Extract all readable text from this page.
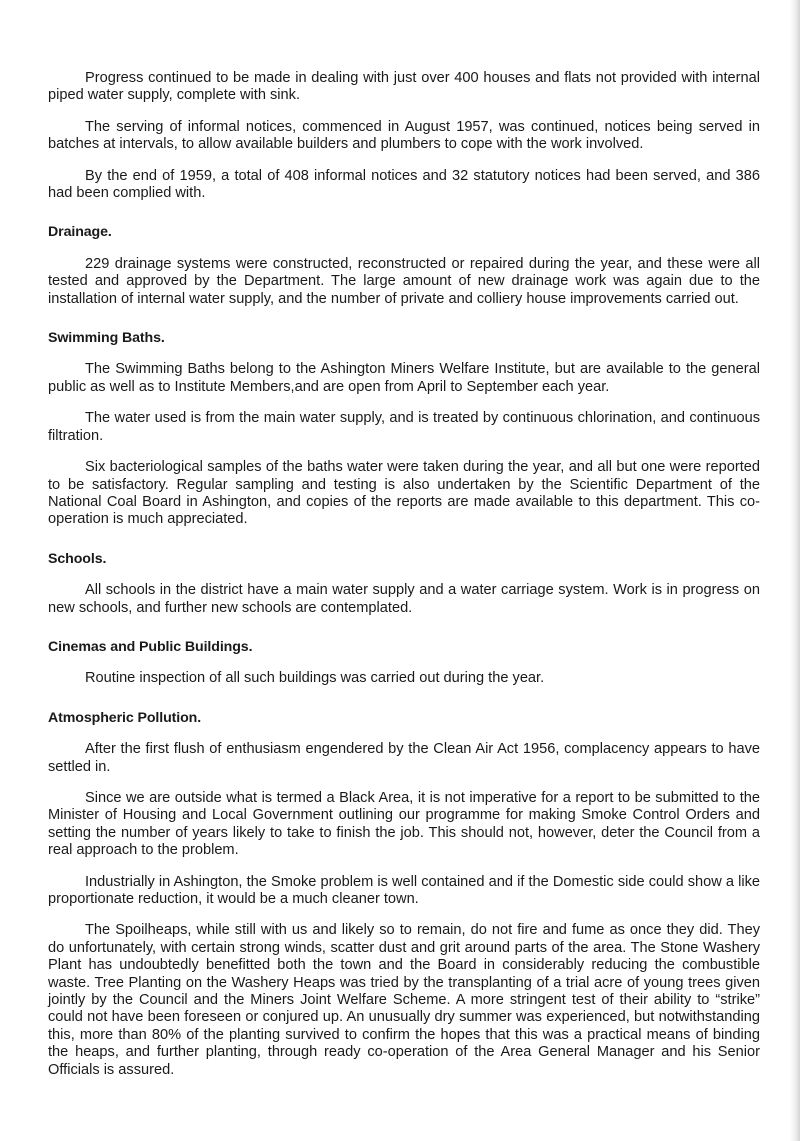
Progress continued to be made in dealing with just over 400 houses and flats not provided with internal piped water supply, complete with sink.

The serving of informal notices, commenced in August 1957, was continued, notices being served in batches at intervals, to allow available builders and plumbers to cope with the work involved.

By the end of 1959, a total of 408 informal notices and 32 statutory notices had been served, and 386 had been complied with.

Drainage.

229 drainage systems were constructed, reconstructed or repaired during the year, and these were all tested and approved by the Department. The large amount of new drainage work was again due to the installation of internal water supply, and the number of private and colliery house improvements carried out.

Swimming Baths.

The Swimming Baths belong to the Ashington Miners Welfare Institute, but are available to the general public as well as to Institute Members,and are open from April to September each year.

The water used is from the main water supply, and is treated by continuous chlorination, and continuous filtration.

Six bacteriological samples of the baths water were taken during the year, and all but one were reported to be satisfactory. Regular sampling and testing is also undertaken by the Scientific Department of the National Coal Board in Ashington, and copies of the reports are made available to this department. This co-operation is much appreciated.

Schools.

All schools in the district have a main water supply and a water carriage system. Work is in progress on new schools, and further new schools are contemplated.

Cinemas and Public Buildings.

Routine inspection of all such buildings was carried out during the year.

Atmospheric Pollution.

After the first flush of enthusiasm engendered by the Clean Air Act 1956, complacency appears to have settled in.

Since we are outside what is termed a Black Area, it is not imperative for a report to be submitted to the Minister of Housing and Local Government outlining our programme for making Smoke Control Orders and setting the number of years likely to take to finish the job. This should not, however, deter the Council from a real approach to the problem.

Industrially in Ashington, the Smoke problem is well contained and if the Domestic side could show a like proportionate reduction, it would be a much cleaner town.

The Spoilheaps, while still with us and likely so to remain, do not fire and fume as once they did. They do unfortunately, with certain strong winds, scatter dust and grit around parts of the area. The Stone Washery Plant has undoubtedly benefitted both the town and the Board in considerably reducing the combustible waste. Tree Planting on the Washery Heaps was tried by the transplanting of a trial acre of young trees given jointly by the Council and the Miners Joint Welfare Scheme. A more stringent test of their ability to “strike” could not have been foreseen or conjured up. An unusually dry summer was experienced, but notwithstanding this, more than 80% of the planting survived to confirm the hopes that this was a practical means of binding the heaps, and further planting, through ready co-operation of the Area General Manager and his Senior Officials is assured.
